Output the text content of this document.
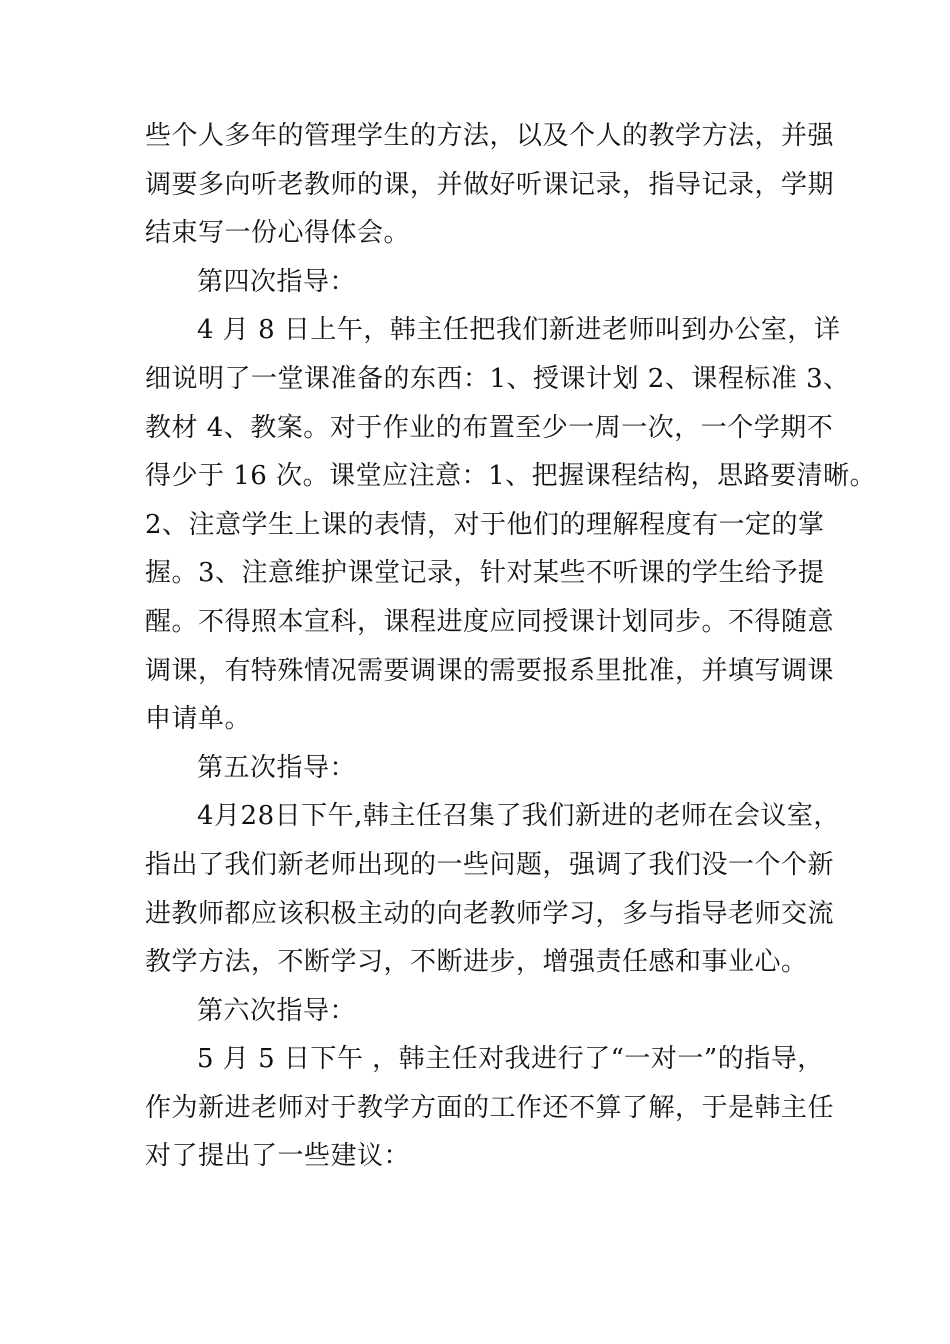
些个人多年的管理学生的方法，以及个人的教学方法，并强
调要多向听老教师的课，并做好听课记录，指导记录，学期
结束写一份心得体会。
第四次指导：
4 月 8 日上午，韩主任把我们新进老师叫到办公室，详
细说明了一堂课准备的东西：1、授课计划 2、课程标准 3、
教材 4、教案。对于作业的布置至少一周一次，一个学期不
得少于 16 次。课堂应注意：1、把握课程结构，思路要清晰。
2、注意学生上课的表情，对于他们的理解程度有一定的掌
握。3、注意维护课堂记录，针对某些不听课的学生给予提
醒。不得照本宣科，课程进度应同授课计划同步。不得随意
调课，有特殊情况需要调课的需要报系里批准，并填写调课
申请单。
第五次指导：
4月28日下午,韩主任召集了我们新进的老师在会议室，
指出了我们新老师出现的一些问题，强调了我们没一个个新
进教师都应该积极主动的向老教师学习，多与指导老师交流
教学方法，不断学习，不断进步，增强责任感和事业心。
第六次指导：
5 月 5 日下午 ，韩主任对我进行了“一对一”的指导，
作为新进老师对于教学方面的工作还不算了解，于是韩主任
对了提出了一些建议：
